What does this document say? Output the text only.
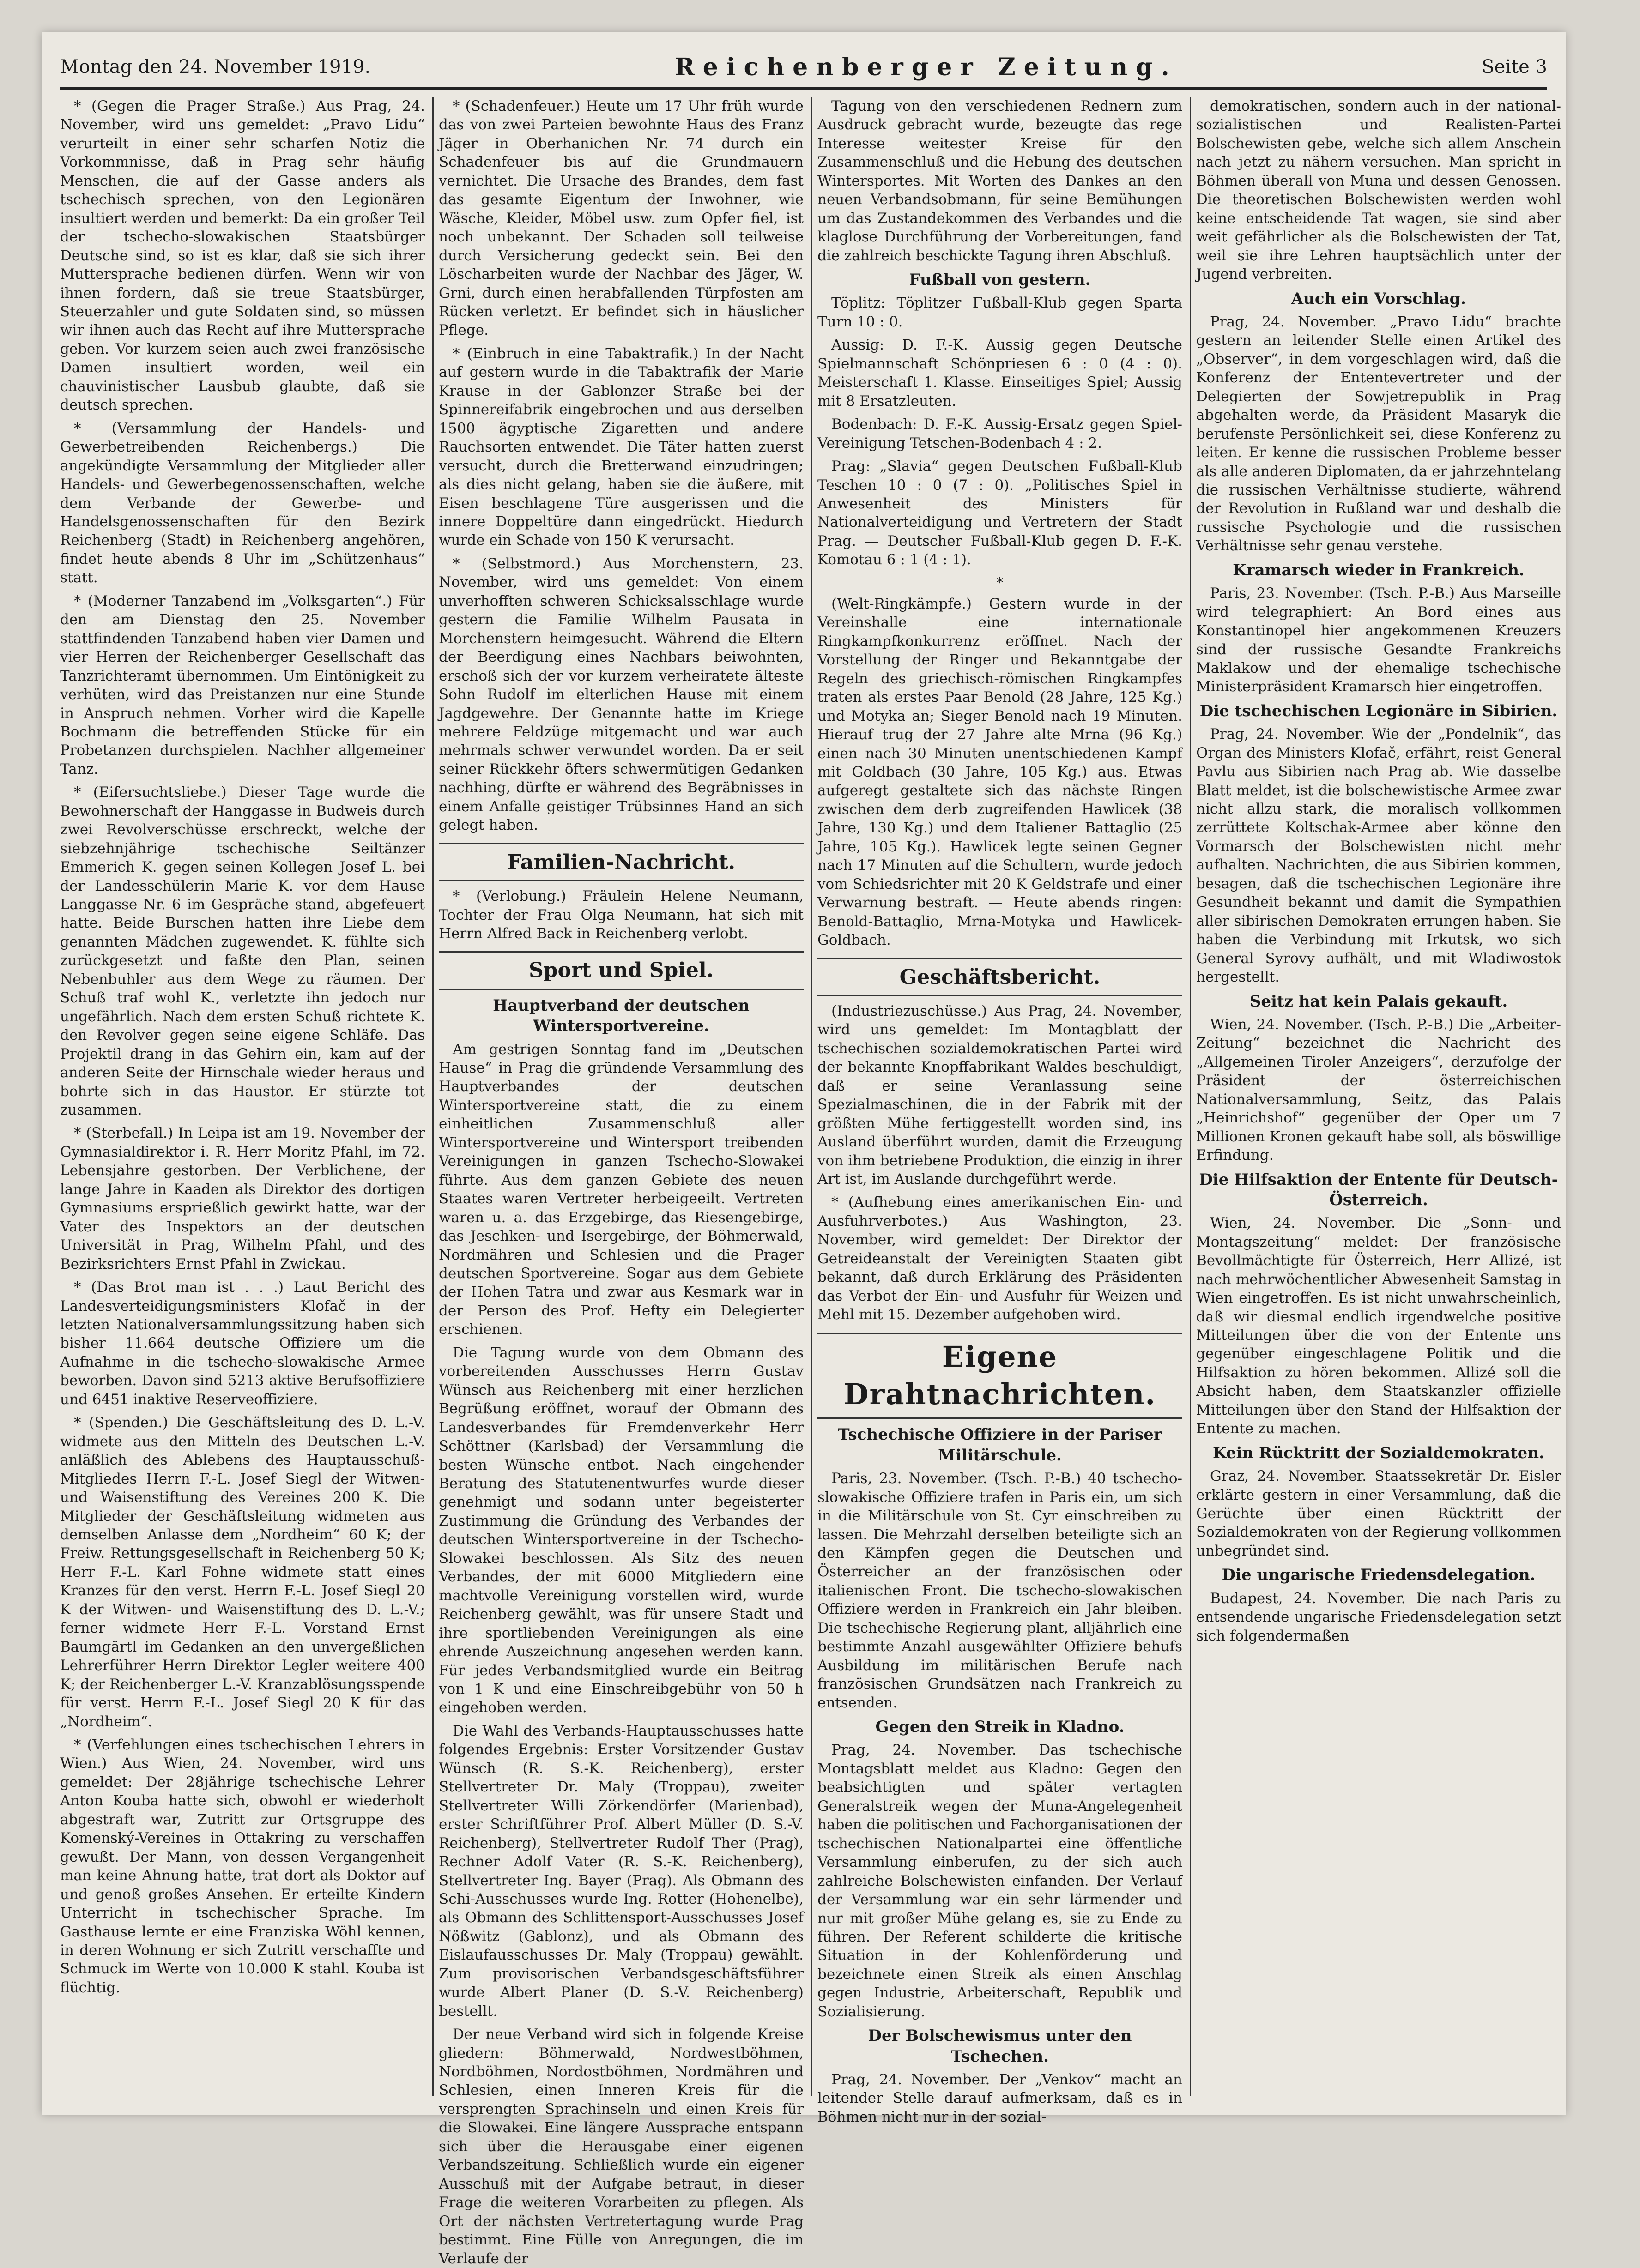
Montag den 24. November 1919.	Reichenberger Zeitung.	Seite 3

* (Gegen die Prager Straße.) Aus Prag, 24. November, wird uns gemeldet: „Pravo Lidu“ verurteilt in einer sehr scharfen Notiz die Vorkommnisse, daß in Prag sehr häufig Menschen, die auf der Gasse anders als tschechisch sprechen, von den Legionären insultiert werden und bemerkt: Da ein großer Teil der tschecho-slowakischen Staatsbürger Deutsche sind, so ist es klar, daß sie sich ihrer Muttersprache bedienen dürfen. Wenn wir von ihnen fordern, daß sie treue Staatsbürger, Steuerzahler und gute Soldaten sind, so müssen wir ihnen auch das Recht auf ihre Muttersprache geben. Vor kurzem seien auch zwei französische Damen insultiert worden, weil ein chauvinistischer Lausbub glaubte, daß sie deutsch sprechen.

* (Versammlung der Handels- und Gewerbetreibenden Reichenbergs.) Die angekündigte Versammlung der Mitglieder aller Handels- und Gewerbegenossenschaften, welche dem Verbande der Gewerbe- und Handelsgenossenschaften für den Bezirk Reichenberg (Stadt) in Reichenberg angehören, findet heute abends 8 Uhr im „Schützenhaus“ statt.

* (Moderner Tanzabend im „Volksgarten“.) Für den am Dienstag den 25. November stattfindenden Tanzabend haben vier Damen und vier Herren der Reichenberger Gesellschaft das Tanzrichteramt übernommen. Um Eintönigkeit zu verhüten, wird das Preistanzen nur eine Stunde in Anspruch nehmen. Vorher wird die Kapelle Bochmann die betreffenden Stücke für ein Probetanzen durchspielen. Nachher allgemeiner Tanz.

* (Eifersuchtsliebe.) Dieser Tage wurde die Bewohnerschaft der Hanggasse in Budweis durch zwei Revolverschüsse erschreckt, welche der siebzehnjährige tschechische Seiltänzer Emmerich K. gegen seinen Kollegen Josef L. bei der Landesschülerin Marie K. vor dem Hause Langgasse Nr. 6 im Gespräche stand, abgefeuert hatte. Beide Burschen hatten ihre Liebe dem genannten Mädchen zugewendet. K. fühlte sich zurückgesetzt und faßte den Plan, seinen Nebenbuhler aus dem Wege zu räumen. Der Schuß traf wohl K., verletzte ihn jedoch nur ungefährlich. Nach dem ersten Schuß richtete K. den Revolver gegen seine eigene Schläfe. Das Projektil drang in das Gehirn ein, kam auf der anderen Seite der Hirnschale wieder heraus und bohrte sich in das Haustor. Er stürzte tot zusammen.

* (Sterbefall.) In Leipa ist am 19. November der Gymnasialdirektor i. R. Herr Moritz Pfahl, im 72. Lebensjahre gestorben. Der Verblichene, der lange Jahre in Kaaden als Direktor des dortigen Gymnasiums ersprießlich gewirkt hatte, war der Vater des Inspektors an der deutschen Universität in Prag, Wilhelm Pfahl, und des Bezirksrichters Ernst Pfahl in Zwickau.

* (Das Brot man ist . . .) Laut Bericht des Landesverteidigungsministers Klofač in der letzten Nationalversammlungssitzung haben sich bisher 11.664 deutsche Offiziere um die Aufnahme in die tschecho-slowakische Armee beworben. Davon sind 5213 aktive Berufsoffiziere und 6451 inaktive Reserveoffiziere.

* (Spenden.) Die Geschäftsleitung des D. L.-V. widmete aus den Mitteln des Deutschen L.-V. anläßlich des Ablebens des Hauptausschuß-Mitgliedes Herrn F.-L. Josef Siegl der Witwen- und Waisenstiftung des Vereines 200 K. Die Mitglieder der Geschäftsleitung widmeten aus demselben Anlasse dem „Nordheim“ 60 K; der Freiw. Rettungsgesellschaft in Reichenberg 50 K; Herr F.-L. Karl Fohne widmete statt eines Kranzes für den verst. Herrn F.-L. Josef Siegl 20 K der Witwen- und Waisenstiftung des D. L.-V.; ferner widmete Herr F.-L. Vorstand Ernst Baumgärtl im Gedanken an den unvergeßlichen Lehrerführer Herrn Direktor Legler weitere 400 K; der Reichenberger L.-V. Kranzablösungsspende für verst. Herrn F.-L. Josef Siegl 20 K für das „Nordheim“.

* (Verfehlungen eines tschechischen Lehrers in Wien.) Aus Wien, 24. November, wird uns gemeldet: Der 28jährige tschechische Lehrer Anton Kouba hatte sich, obwohl er wiederholt abgestraft war, Zutritt zur Ortsgruppe des Komenský-Vereines in Ottakring zu verschaffen gewußt. Der Mann, von dessen Vergangenheit man keine Ahnung hatte, trat dort als Doktor auf und genoß großes Ansehen. Er erteilte Kindern Unterricht in tschechischer Sprache. Im Gasthause lernte er eine Franziska Wöhl kennen, in deren Wohnung er sich Zutritt verschaffte und Schmuck im Werte von 10.000 K stahl. Kouba ist flüchtig.

* (Schadenfeuer.) Heute um 17 Uhr früh wurde das von zwei Parteien bewohnte Haus des Franz Jäger in Oberhanichen Nr. 74 durch ein Schadenfeuer bis auf die Grundmauern vernichtet. Die Ursache des Brandes, dem fast das gesamte Eigentum der Inwohner, wie Wäsche, Kleider, Möbel usw. zum Opfer fiel, ist noch unbekannt. Der Schaden soll teilweise durch Versicherung gedeckt sein. Bei den Löscharbeiten wurde der Nachbar des Jäger, W. Grni, durch einen herabfallenden Türpfosten am Rücken verletzt. Er befindet sich in häuslicher Pflege.

* (Einbruch in eine Tabaktrafik.) In der Nacht auf gestern wurde in die Tabaktrafik der Marie Krause in der Gablonzer Straße bei der Spinnereifabrik eingebrochen und aus derselben 1500 ägyptische Zigaretten und andere Rauchsorten entwendet. Die Täter hatten zuerst versucht, durch die Bretterwand einzudringen; als dies nicht gelang, haben sie die äußere, mit Eisen beschlagene Türe ausgerissen und die innere Doppeltüre dann eingedrückt. Hiedurch wurde ein Schade von 150 K verursacht.

* (Selbstmord.) Aus Morchenstern, 23. November, wird uns gemeldet: Von einem unverhofften schweren Schicksalsschlage wurde gestern die Familie Wilhelm Pausata in Morchenstern heimgesucht. Während die Eltern der Beerdigung eines Nachbars beiwohnten, erschoß sich der vor kurzem verheiratete älteste Sohn Rudolf im elterlichen Hause mit einem Jagdgewehre. Der Genannte hatte im Kriege mehrere Feldzüge mitgemacht und war auch mehrmals schwer verwundet worden. Da er seit seiner Rückkehr öfters schwermütigen Gedanken nachhing, dürfte er während des Begräbnisses in einem Anfalle geistiger Trübsinnes Hand an sich gelegt haben.

Familien-Nachricht.

* (Verlobung.) Fräulein Helene Neumann, Tochter der Frau Olga Neumann, hat sich mit Herrn Alfred Back in Reichenberg verlobt.

Sport und Spiel.
Hauptverband der deutschen Wintersportvereine.

Am gestrigen Sonntag fand im „Deutschen Hause“ in Prag die gründende Versammlung des Hauptverbandes der deutschen Wintersportvereine statt, die zu einem einheitlichen Zusammenschluß aller Wintersportvereine und Wintersport treibenden Vereinigungen in ganzen Tschecho-Slowakei führte. Aus dem ganzen Gebiete des neuen Staates waren Vertreter herbeigeeilt. Vertreten waren u. a. das Erzgebirge, das Riesengebirge, das Jeschken- und Isergebirge, der Böhmerwald, Nordmähren und Schlesien und die Prager deutschen Sportvereine. Sogar aus dem Gebiete der Hohen Tatra und zwar aus Kesmark war in der Person des Prof. Hefty ein Delegierter erschienen.

Die Tagung wurde von dem Obmann des vorbereitenden Ausschusses Herrn Gustav Wünsch aus Reichenberg mit einer herzlichen Begrüßung eröffnet, worauf der Obmann des Landesverbandes für Fremdenverkehr Herr Schöttner (Karlsbad) der Versammlung die besten Wünsche entbot. Nach eingehender Beratung des Statutenentwurfes wurde dieser genehmigt und sodann unter begeisterter Zustimmung die Gründung des Verbandes der deutschen Wintersportvereine in der Tschecho-Slowakei beschlossen. Als Sitz des neuen Verbandes, der mit 6000 Mitgliedern eine machtvolle Vereinigung vorstellen wird, wurde Reichenberg gewählt, was für unsere Stadt und ihre sportliebenden Vereinigungen als eine ehrende Auszeichnung angesehen werden kann. Für jedes Verbandsmitglied wurde ein Beitrag von 1 K und eine Einschreibgebühr von 50 h eingehoben werden.

Die Wahl des Verbands-Hauptausschusses hatte folgendes Ergebnis: Erster Vorsitzender Gustav Wünsch (R. S.-K. Reichenberg), erster Stellvertreter Dr. Maly (Troppau), zweiter Stellvertreter Willi Zörkendörfer (Marienbad), erster Schriftführer Prof. Albert Müller (D. S.-V. Reichenberg), Stellvertreter Rudolf Ther (Prag), Rechner Adolf Vater (R. S.-K. Reichenberg), Stellvertreter Ing. Bayer (Prag). Als Obmann des Schi-Ausschusses wurde Ing. Rotter (Hohenelbe), als Obmann des Schlittensport-Ausschusses Josef Nößwitz (Gablonz), und als Obmann des Eislaufausschusses Dr. Maly (Troppau) gewählt. Zum provisorischen Verbandsgeschäftsführer wurde Albert Planer (D. S.-V. Reichenberg) bestellt.

Der neue Verband wird sich in folgende Kreise gliedern: Böhmerwald, Nordwestböhmen, Nordböhmen, Nordostböhmen, Nordmähren und Schlesien, einen Inneren Kreis für die versprengten Sprachinseln und einen Kreis für die Slowakei. Eine längere Aussprache entspann sich über die Herausgabe einer eigenen Verbandszeitung. Schließlich wurde ein eigener Ausschuß mit der Aufgabe betraut, in dieser Frage die weiteren Vorarbeiten zu pflegen. Als Ort der nächsten Vertretertagung wurde Prag bestimmt. Eine Fülle von Anregungen, die im Verlaufe der

Tagung von den verschiedenen Rednern zum Ausdruck gebracht wurde, bezeugte das rege Interesse weitester Kreise für den Zusammenschluß und die Hebung des deutschen Wintersportes. Mit Worten des Dankes an den neuen Verbandsobmann, für seine Bemühungen um das Zustandekommen des Verbandes und die klaglose Durchführung der Vorbereitungen, fand die zahlreich beschickte Tagung ihren Abschluß.

Fußball von gestern.

Töplitz: Töplitzer Fußball-Klub gegen Sparta Turn 10 : 0.

Aussig: D. F.-K. Aussig gegen Deutsche Spielmannschaft Schönpriesen 6 : 0 (4 : 0). Meisterschaft 1. Klasse. Einseitiges Spiel; Aussig mit 8 Ersatzleuten.

Bodenbach: D. F.-K. Aussig-Ersatz gegen Spiel-Vereinigung Tetschen-Bodenbach 4 : 2.

Prag: „Slavia“ gegen Deutschen Fußball-Klub Teschen 10 : 0 (7 : 0). „Politisches Spiel in Anwesenheit des Ministers für Nationalverteidigung und Vertretern der Stadt Prag. — Deutscher Fußball-Klub gegen D. F.-K. Komotau 6 : 1 (4 : 1).

*

(Welt-Ringkämpfe.) Gestern wurde in der Vereinshalle eine internationale Ringkampfkonkurrenz eröffnet. Nach der Vorstellung der Ringer und Bekanntgabe der Regeln des griechisch-römischen Ringkampfes traten als erstes Paar Benold (28 Jahre, 125 Kg.) und Motyka an; Sieger Benold nach 19 Minuten. Hierauf trug der 27 Jahre alte Mrna (96 Kg.) einen nach 30 Minuten unentschiedenen Kampf mit Goldbach (30 Jahre, 105 Kg.) aus. Etwas aufgeregt gestaltete sich das nächste Ringen zwischen dem derb zugreifenden Hawlicek (38 Jahre, 130 Kg.) und dem Italiener Battaglio (25 Jahre, 105 Kg.). Hawlicek legte seinen Gegner nach 17 Minuten auf die Schultern, wurde jedoch vom Schiedsrichter mit 20 K Geldstrafe und einer Verwarnung bestraft. — Heute abends ringen: Benold-Battaglio, Mrna-Motyka und Hawlicek-Goldbach.

Geschäftsbericht.

(Industriezuschüsse.) Aus Prag, 24. November, wird uns gemeldet: Im Montagblatt der tschechischen sozialdemokratischen Partei wird der bekannte Knopffabrikant Waldes beschuldigt, daß er seine Veranlassung seine Spezialmaschinen, die in der Fabrik mit der größten Mühe fertiggestellt worden sind, ins Ausland überführt wurden, damit die Erzeugung von ihm betriebene Produktion, die einzig in ihrer Art ist, im Auslande durchgeführt werde.

* (Aufhebung eines amerikanischen Ein- und Ausfuhrverbotes.) Aus Washington, 23. November, wird gemeldet: Der Direktor der Getreideanstalt der Vereinigten Staaten gibt bekannt, daß durch Erklärung des Präsidenten das Verbot der Ein- und Ausfuhr für Weizen und Mehl mit 15. Dezember aufgehoben wird.

Eigene Drahtnachrichten.
Tschechische Offiziere in der Pariser Militärschule.

Paris, 23. November. (Tsch. P.-B.) 40 tschecho-slowakische Offiziere trafen in Paris ein, um sich in die Militärschule von St. Cyr einschreiben zu lassen. Die Mehrzahl derselben beteiligte sich an den Kämpfen gegen die Deutschen und Österreicher an der französischen oder italienischen Front. Die tschecho-slowakischen Offiziere werden in Frankreich ein Jahr bleiben. Die tschechische Regierung plant, alljährlich eine bestimmte Anzahl ausgewählter Offiziere behufs Ausbildung im militärischen Berufe nach französischen Grundsätzen nach Frankreich zu entsenden.

Gegen den Streik in Kladno.

Prag, 24. November. Das tschechische Montagsblatt meldet aus Kladno: Gegen den beabsichtigten und später vertagten Generalstreik wegen der Muna-Angelegenheit haben die politischen und Fachorganisationen der tschechischen Nationalpartei eine öffentliche Versammlung einberufen, zu der sich auch zahlreiche Bolschewisten einfanden. Der Verlauf der Versammlung war ein sehr lärmender und nur mit großer Mühe gelang es, sie zu Ende zu führen. Der Referent schilderte die kritische Situation in der Kohlenförderung und bezeichnete einen Streik als einen Anschlag gegen Industrie, Arbeiterschaft, Republik und Sozialisierung.

Der Bolschewismus unter den Tschechen.

Prag, 24. November. Der „Venkov“ macht an leitender Stelle darauf aufmerksam, daß es in Böhmen nicht nur in der sozial-

demokratischen, sondern auch in der national-sozialistischen und Realisten-Partei Bolschewisten gebe, welche sich allem Anschein nach jetzt zu nähern versuchen. Man spricht in Böhmen überall von Muna und dessen Genossen. Die theoretischen Bolschewisten werden wohl keine entscheidende Tat wagen, sie sind aber weit gefährlicher als die Bolschewisten der Tat, weil sie ihre Lehren hauptsächlich unter der Jugend verbreiten.

Auch ein Vorschlag.

Prag, 24. November. „Pravo Lidu“ brachte gestern an leitender Stelle einen Artikel des „Observer“, in dem vorgeschlagen wird, daß die Konferenz der Ententevertreter und der Delegierten der Sowjetrepublik in Prag abgehalten werde, da Präsident Masaryk die berufenste Persönlichkeit sei, diese Konferenz zu leiten. Er kenne die russischen Probleme besser als alle anderen Diplomaten, da er jahrzehntelang die russischen Verhältnisse studierte, während der Revolution in Rußland war und deshalb die russische Psychologie und die russischen Verhältnisse sehr genau verstehe.

Kramarsch wieder in Frankreich.

Paris, 23. November. (Tsch. P.-B.) Aus Marseille wird telegraphiert: An Bord eines aus Konstantinopel hier angekommenen Kreuzers sind der russische Gesandte Frankreichs Maklakow und der ehemalige tschechische Ministerpräsident Kramarsch hier eingetroffen.

Die tschechischen Legionäre in Sibirien.

Prag, 24. November. Wie der „Pondelnik“, das Organ des Ministers Klofač, erfährt, reist General Pavlu aus Sibirien nach Prag ab. Wie dasselbe Blatt meldet, ist die bolschewistische Armee zwar nicht allzu stark, die moralisch vollkommen zerrüttete Koltschak-Armee aber könne den Vormarsch der Bolschewisten nicht mehr aufhalten. Nachrichten, die aus Sibirien kommen, besagen, daß die tschechischen Legionäre ihre Gesundheit bekannt und damit die Sympathien aller sibirischen Demokraten errungen haben. Sie haben die Verbindung mit Irkutsk, wo sich General Syrovy aufhält, und mit Wladiwostok hergestellt.

Seitz hat kein Palais gekauft.

Wien, 24. November. (Tsch. P.-B.) Die „Arbeiter-Zeitung“ bezeichnet die Nachricht des „Allgemeinen Tiroler Anzeigers“, derzufolge der Präsident der österreichischen Nationalversammlung, Seitz, das Palais „Heinrichshof“ gegenüber der Oper um 7 Millionen Kronen gekauft habe soll, als böswillige Erfindung.

Die Hilfsaktion der Entente für Deutsch-Österreich.

Wien, 24. November. Die „Sonn- und Montagszeitung“ meldet: Der französische Bevollmächtigte für Österreich, Herr Allizé, ist nach mehrwöchentlicher Abwesenheit Samstag in Wien eingetroffen. Es ist nicht unwahrscheinlich, daß wir diesmal endlich irgendwelche positive Mitteilungen über die von der Entente uns gegenüber eingeschlagene Politik und die Hilfsaktion zu hören bekommen. Allizé soll die Absicht haben, dem Staatskanzler offizielle Mitteilungen über den Stand der Hilfsaktion der Entente zu machen.

Kein Rücktritt der Sozialdemokraten.

Graz, 24. November. Staatssekretär Dr. Eisler erklärte gestern in einer Versammlung, daß die Gerüchte über einen Rücktritt der Sozialdemokraten von der Regierung vollkommen unbegründet sind.

Die ungarische Friedensdelegation.

Budapest, 24. November. Die nach Paris zu entsendende ungarische Friedensdelegation setzt sich folgendermaßen
